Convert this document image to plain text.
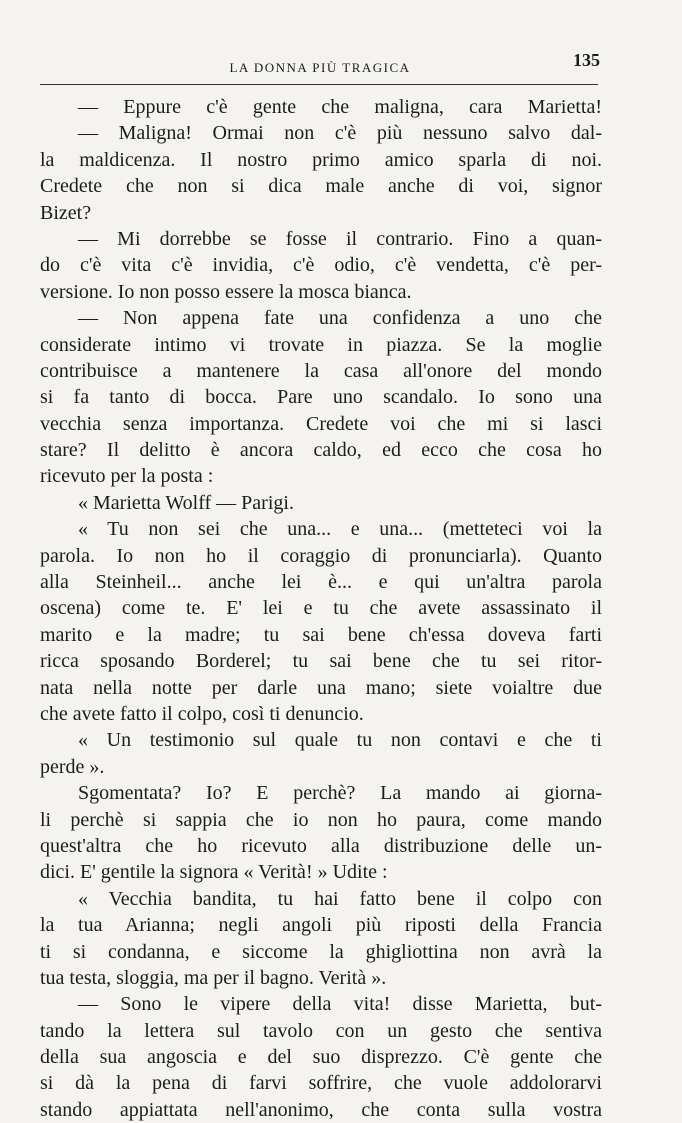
LA DONNA PIÙ TRAGICA	135
— Eppure c'è gente che maligna, cara Marietta!
— Maligna! Ormai non c'è più nessuno salvo dal-
la maldicenza. Il nostro primo amico sparla di noi.
Credete che non si dica male anche di voi, signor
Bizet?
— Mi dorrebbe se fosse il contrario. Fino a quan-
do c'è vita c'è invidia, c'è odio, c'è vendetta, c'è per-
versione. Io non posso essere la mosca bianca.
— Non appena fate una confidenza a uno che
considerate intimo vi trovate in piazza. Se la moglie
contribuisce a mantenere la casa all'onore del mondo
si fa tanto di bocca. Pare uno scandalo. Io sono una
vecchia senza importanza. Credete voi che mi si lasci
stare? Il delitto è ancora caldo, ed ecco che cosa ho
ricevuto per la posta :
« Marietta Wolff — Parigi.
« Tu non sei che una... e una... (metteteci voi la
parola. Io non ho il coraggio di pronunciarla). Quanto
alla Steinheil... anche lei è... e qui un'altra parola
oscena) come te. E' lei e tu che avete assassinato il
marito e la madre; tu sai bene ch'essa doveva farti
ricca sposando Borderel; tu sai bene che tu sei ritor-
nata nella notte per darle una mano; siete voialtre due
che avete fatto il colpo, così ti denuncio.
« Un testimonio sul quale tu non contavi e che ti
perde ».
Sgomentata? Io? E perchè? La mando ai giorna-
li perchè si sappia che io non ho paura, come mando
quest'altra che ho ricevuto alla distribuzione delle un-
dici. E' gentile la signora « Verità! » Udite :
« Vecchia bandita, tu hai fatto bene il colpo con
la tua Arianna; negli angoli più riposti della Francia
ti si condanna, e siccome la ghigliottina non avrà la
tua testa, sloggia, ma per il bagno. Verità ».
— Sono le vipere della vita! disse Marietta, but-
tando la lettera sul tavolo con un gesto che sentiva
della sua angoscia e del suo disprezzo. C'è gente che
si dà la pena di farvi soffrire, che vuole addolorarvi
stando appiattata nell'anonimo, che conta sulla vostra
